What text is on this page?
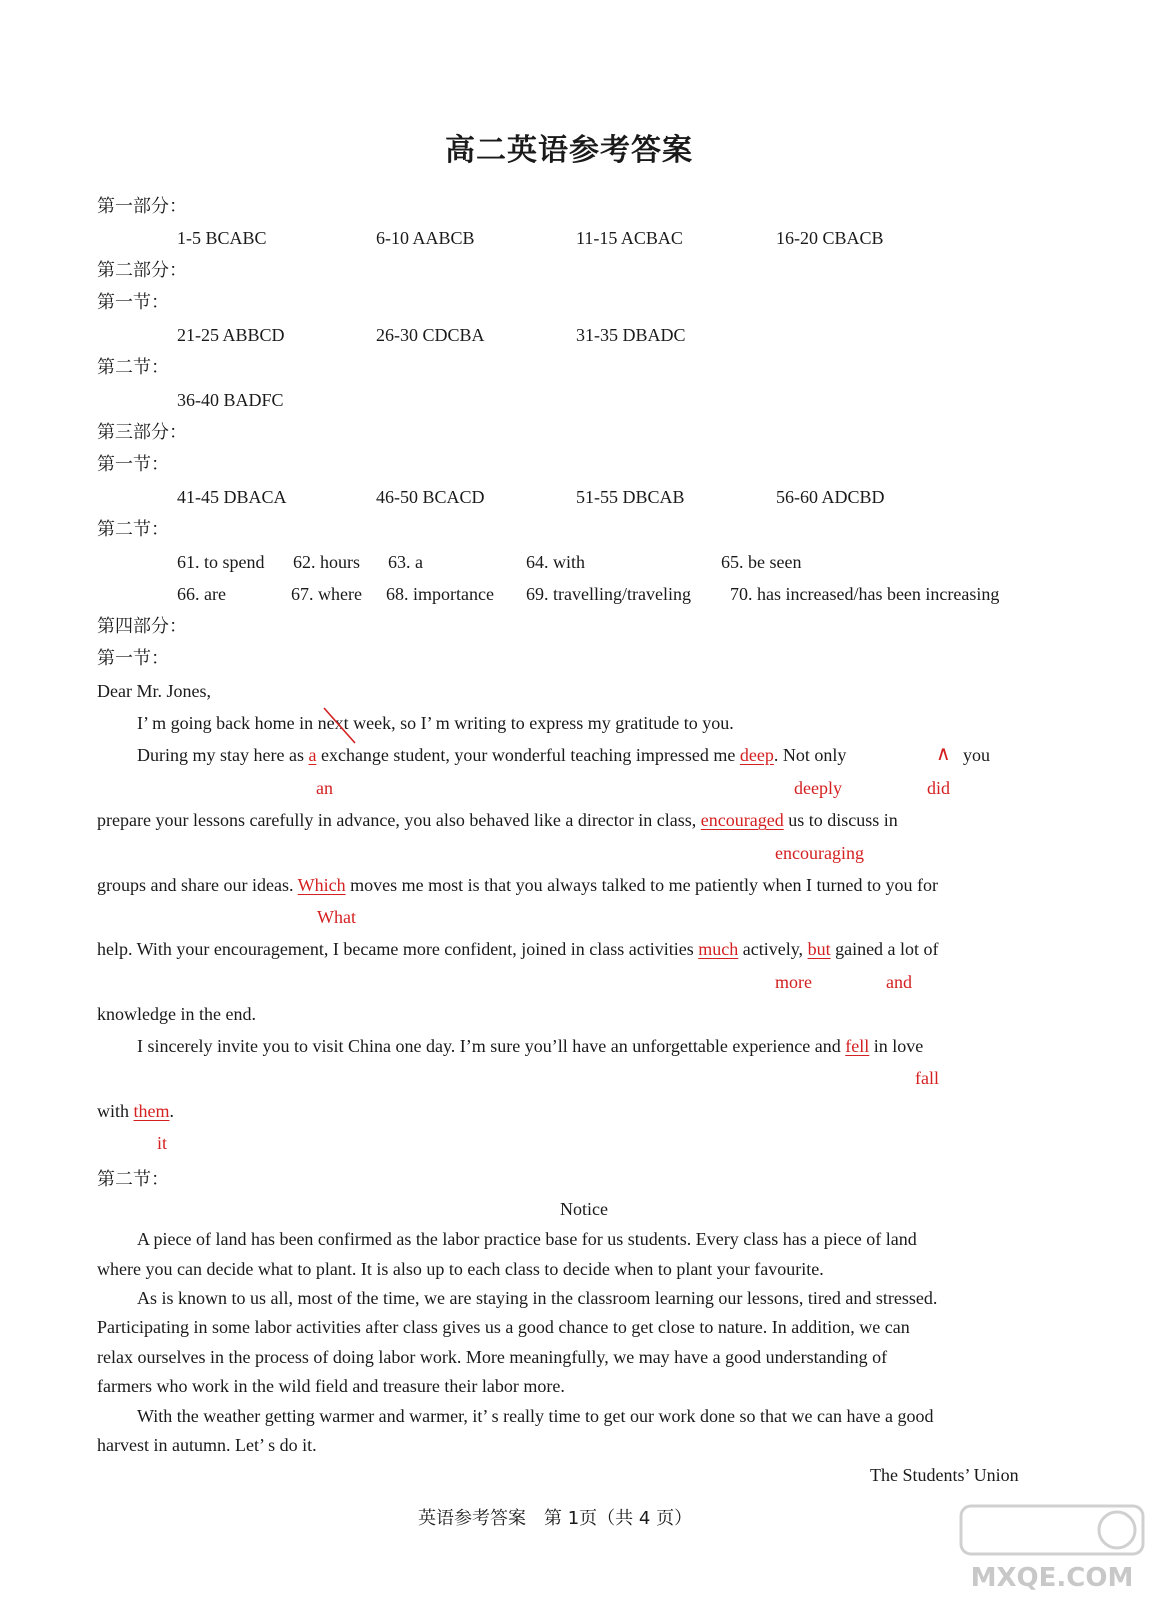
高二英语参考答案
第一部分：
1-5 BCABC	6-10 AABCB	11-15 ACBAC	16-20 CBACB
第二部分：
第一节：
21-25 ABBCD	26-30 CDCBA	31-35 DBADC
第二节：
36-40 BADFC
第三部分：
第一节：
41-45 DBACA	46-50 BCACD	51-55 DBCAB	56-60 ADCBD
第二节：
61. to spend 62. hours 63. a	64. with	65. be seen
66. are	67. where 68. importance 69. travelling/traveling 70. has increased/has been increasing
第四部分：
第一节：
Dear Mr. Jones,
I’ m going back home in next week, so I’ m writing to express my gratitude to you.
During my stay here as a exchange student, your wonderful teaching impressed me deep. Not only	∧ you
an	deeply	did
prepare your lessons carefully in advance, you also behaved like a director in class, encouraged us to discuss in
encouraging
groups and share our ideas. Which moves me most is that you always talked to me patiently when I turned to you for
What
help. With your encouragement, I became more confident, joined in class activities much actively, but gained a lot of
more	and
knowledge in the end.
I sincerely invite you to visit China one day. I’m sure you’ll have an unforgettable experience and fell in love
fall
with them.
it
第二节：
Notice
A piece of land has been confirmed as the labor practice base for us students. Every class has a piece of land
where you can decide what to plant. It is also up to each class to decide when to plant your favourite.
As is known to us all, most of the time, we are staying in the classroom learning our lessons, tired and stressed.
Participating in some labor activities after class gives us a good chance to get close to nature. In addition, we can
relax ourselves in the process of doing labor work. More meaningfully, we may have a good understanding of
farmers who work in the wild field and treasure their labor more.
With the weather getting warmer and warmer, it’ s really time to get our work done so that we can have a good
harvest in autumn. Let’ s do it.
The Students’ Union
英语参考答案　第 1页（共 4 页）
MXQE.COM
